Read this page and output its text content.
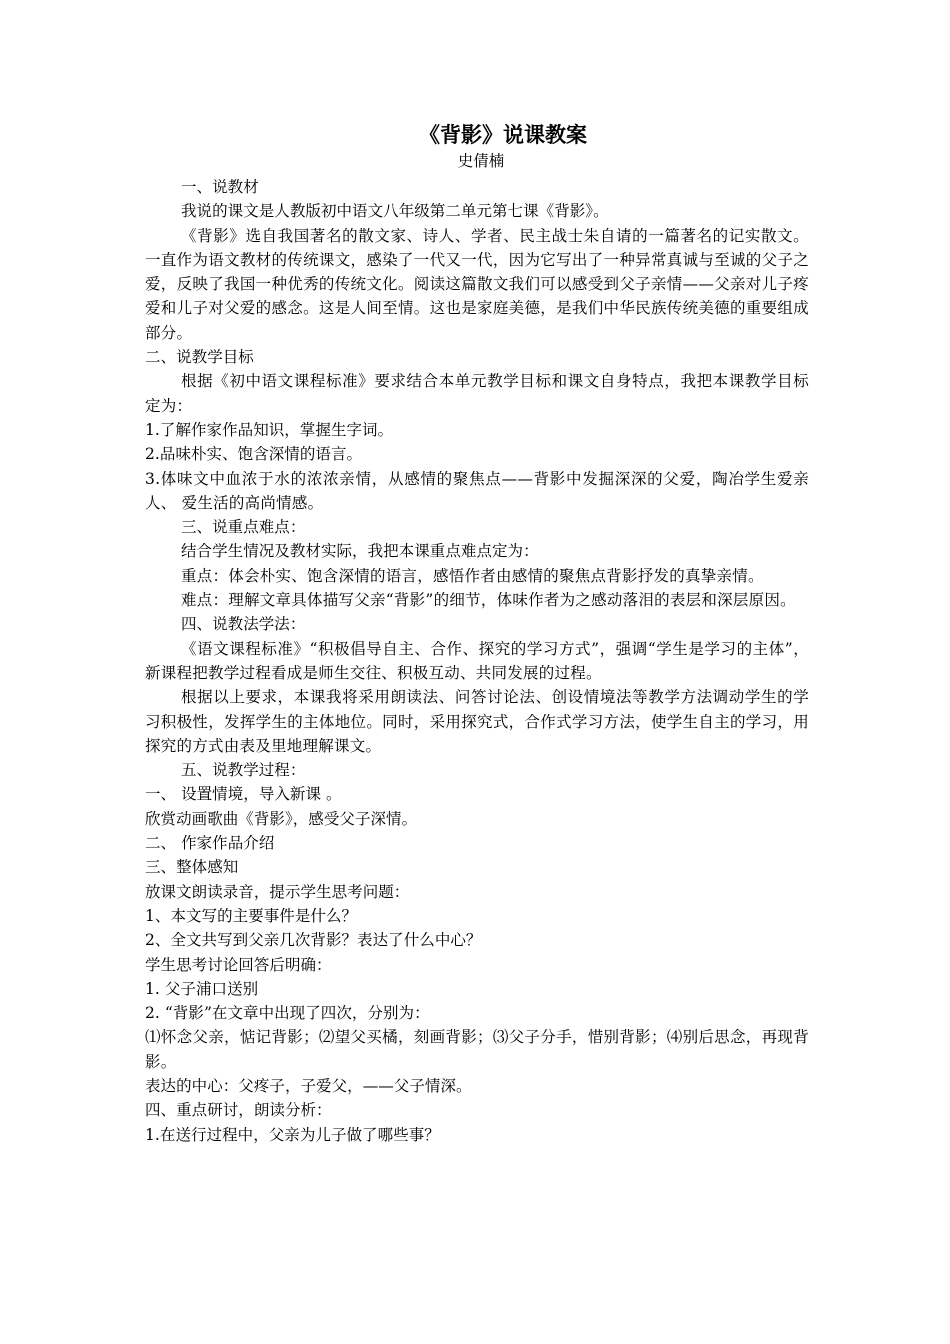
《背影》说课教案

史倩楠

一、说教材

我说的课文是人教版初中语文八年级第二单元第七课《背影》。

《背影》选自我国著名的散文家、诗人、学者、民主战士朱自请的一篇著名的记实散文。一直作为语文教材的传统课文，感染了一代又一代，因为它写出了一种异常真诚与至诚的父子之爱，反映了我国一种优秀的传统文化。阅读这篇散文我们可以感受到父子亲情——父亲对儿子疼爱和儿子对父爱的感念。这是人间至情。这也是家庭美德，是我们中华民族传统美德的重要组成部分。

二、说教学目标

根据《初中语文课程标准》要求结合本单元教学目标和课文自身特点，我把本课教学目标定为：

1.了解作家作品知识，掌握生字词。

2.品味朴实、饱含深情的语言。

3.体味文中血浓于水的浓浓亲情，从感情的聚焦点——背影中发掘深深的父爱，陶冶学生爱亲人、 爱生活的高尚情感。

三、说重点难点：

结合学生情况及教材实际，我把本课重点难点定为：

重点：体会朴实、饱含深情的语言，感悟作者由感情的聚焦点背影抒发的真挚亲情。

难点：理解文章具体描写父亲“背影”的细节，体味作者为之感动落泪的表层和深层原因。

四、说教法学法：

《语文课程标准》“积极倡导自主、合作、探究的学习方式”，强调“学生是学习的主体”，新课程把教学过程看成是师生交往、积极互动、共同发展的过程。

根据以上要求，本课我将采用朗读法、问答讨论法、创设情境法等教学方法调动学生的学习积极性，发挥学生的主体地位。同时，采用探究式，合作式学习方法，使学生自主的学习，用探究的方式由表及里地理解课文。

五、说教学过程：

一、 设置情境，导入新课 。

欣赏动画歌曲《背影》，感受父子深情。

二、 作家作品介绍

三、整体感知

放课文朗读录音，提示学生思考问题：

1、本文写的主要事件是什么？

2、全文共写到父亲几次背影？表达了什么中心？

学生思考讨论回答后明确：

1. 父子浦口送别

2. “背影”在文章中出现了四次，分别为：

⑴怀念父亲，惦记背影；⑵望父买橘，刻画背影；⑶父子分手，惜别背影；⑷别后思念，再现背影。

表达的中心：父疼子，子爱父，——父子情深。

四、重点研讨，朗读分析：

1.在送行过程中，父亲为儿子做了哪些事？
